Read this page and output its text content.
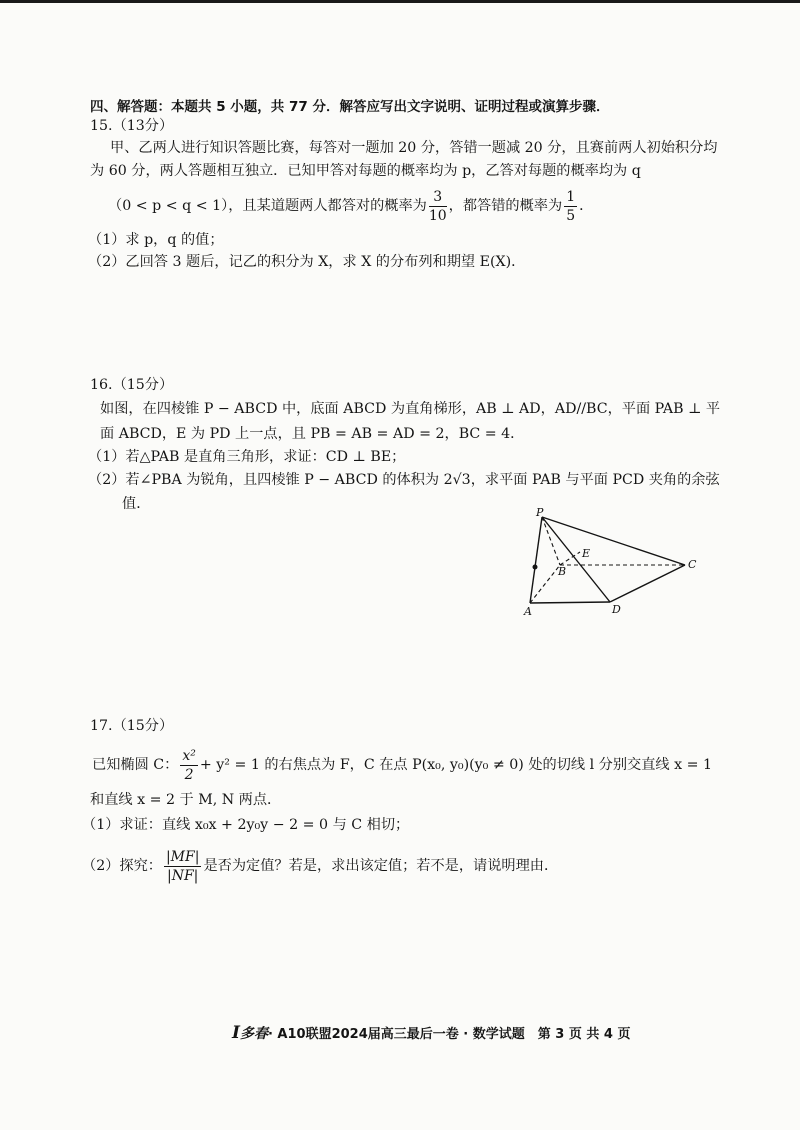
四、解答题：本题共 5 小题，共 77 分．解答应写出文字说明、证明过程或演算步骤．
15.（13分）
甲、乙两人进行知识答题比赛，每答对一题加 20 分，答错一题减 20 分，且赛前两人初始积分均
为 60 分，两人答题相互独立．已知甲答对每题的概率均为 p，乙答对每题的概率均为 q
（0 < p < q < 1），且某道题两人都答对的概率为 $\frac{3}{10}$ ，都答错的概率为 $\frac{1}{5}$ ．
（1）求 p，q 的值；
（2）乙回答 3 题后，记乙的积分为 X，求 X 的分布列和期望 E(X)．
16.（15分）
如图，在四棱锥 P − ABCD 中，底面 ABCD 为直角梯形，AB ⊥ AD，AD//BC，平面 PAB ⊥ 平
面 ABCD，E 为 PD 上一点，且 PB = AB = AD = 2，BC = 4．
（1）若△PAB 是直角三角形，求证：CD ⊥ BE；
（2）若∠PBA 为锐角，且四棱锥 P − ABCD 的体积为 2√3，求平面 PAB 与平面 PCD 夹角的余弦
值．
P
A
B
C
D
E
17.（15分）
已知椭圆 C： $\frac{\text{x²}}{2} + y^2 = 1$ 的右焦点为 F，C 在点 P(x₀, y₀)(y₀ ≠ 0) 处的切线 l 分别交直线 x = 1
和直线 x = 2 于 M, N 两点．
（1）求证：直线 x₀x + 2y₀y − 2 = 0 与 C 相切；
（2）探究： $\frac{|MF|}{|NF|}$ 是否为定值？若是，求出该定值；若不是，请说明理由．
Ⅰ多春· A10联盟2024届高三最后一卷 · 数学试题　第 3 页 共 4 页
